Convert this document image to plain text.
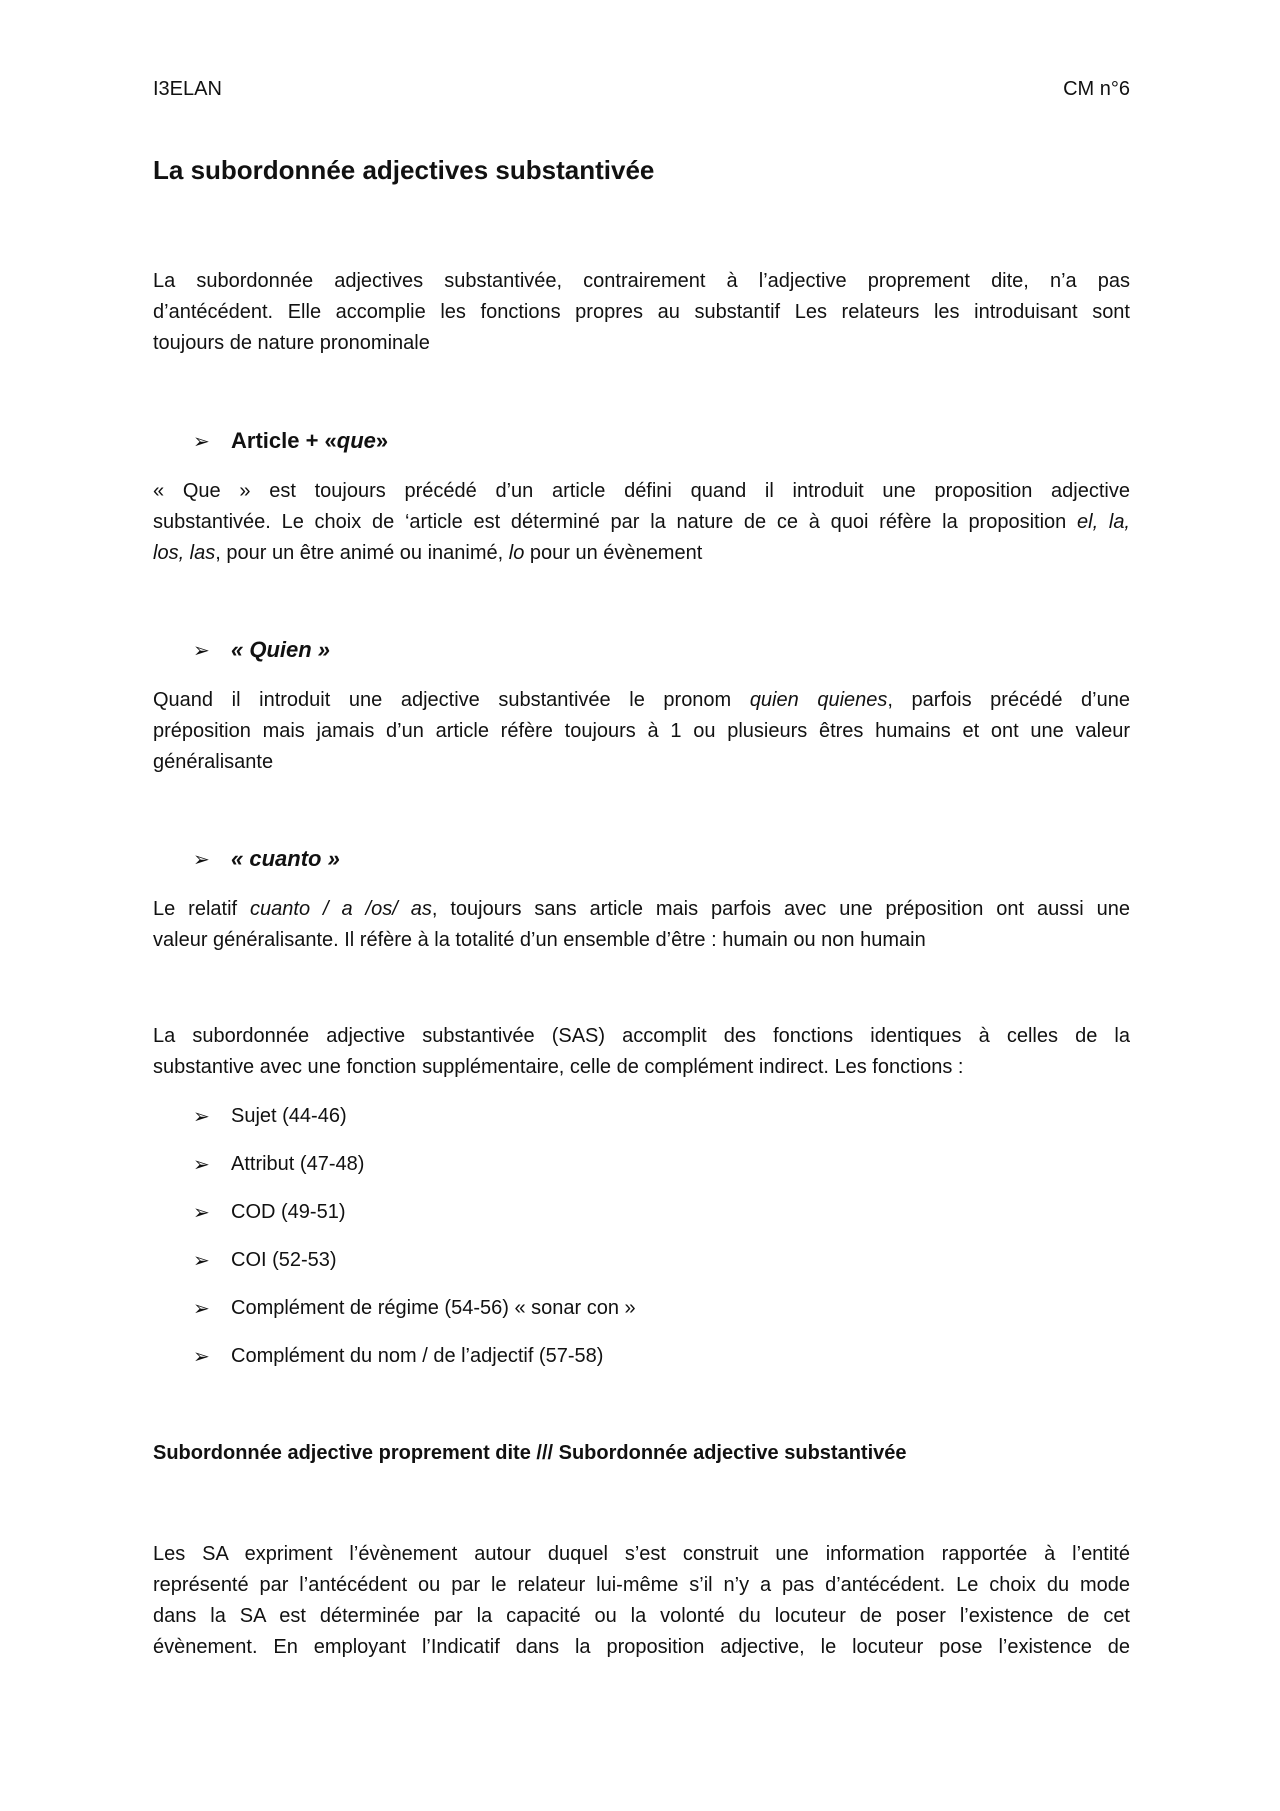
I3ELAN	CM n°6
La subordonnée adjectives substantivée

La subordonnée adjectives substantivée, contrairement à l’adjective proprement dite, n’a pas
d’antécédent. Elle accomplie les fonctions propres au substantif Les relateurs les introduisant sont
toujours de nature pronominale

➢ Article + « que »

« Que » est toujours précédé d’un article défini quand il introduit une proposition adjective
substantivée. Le choix de ‘article est déterminé par la nature de ce à quoi réfère la proposition el, la,
los, las, pour un être animé ou inanimé, lo pour un évènement

➢ « Quien »

Quand il introduit une adjective substantivée le pronom quien quienes, parfois précédé d’une
préposition mais jamais d’un article réfère toujours à 1 ou plusieurs êtres humains et ont une valeur
généralisante

➢ « cuanto »

Le relatif cuanto / a /os/ as, toujours sans article mais parfois avec une préposition ont aussi une
valeur généralisante. Il réfère à la totalité d’un ensemble d’être : humain ou non humain

La subordonnée adjective substantivée (SAS) accomplit des fonctions identiques à celles de la
substantive avec une fonction supplémentaire, celle de complément indirect. Les fonctions :

➢	Sujet (44-46)
➢	Attribut (47-48)
➢	COD (49-51)
➢	COI (52-53)
➢	Complément de régime (54-56) « sonar con »
➢	Complément du nom / de l’adjectif (57-58)
Subordonnée adjective proprement dite /// Subordonnée adjective substantivée

Les SA expriment l’évènement autour duquel s’est construit une information rapportée à l’entité
représenté par l’antécédent ou par le relateur lui-même s’il n’y a pas d’antécédent. Le choix du mode
dans la SA est déterminée par la capacité ou la volonté du locuteur de poser l’existence de cet
évènement. En employant l’Indicatif dans la proposition adjective, le locuteur pose l’existence de
